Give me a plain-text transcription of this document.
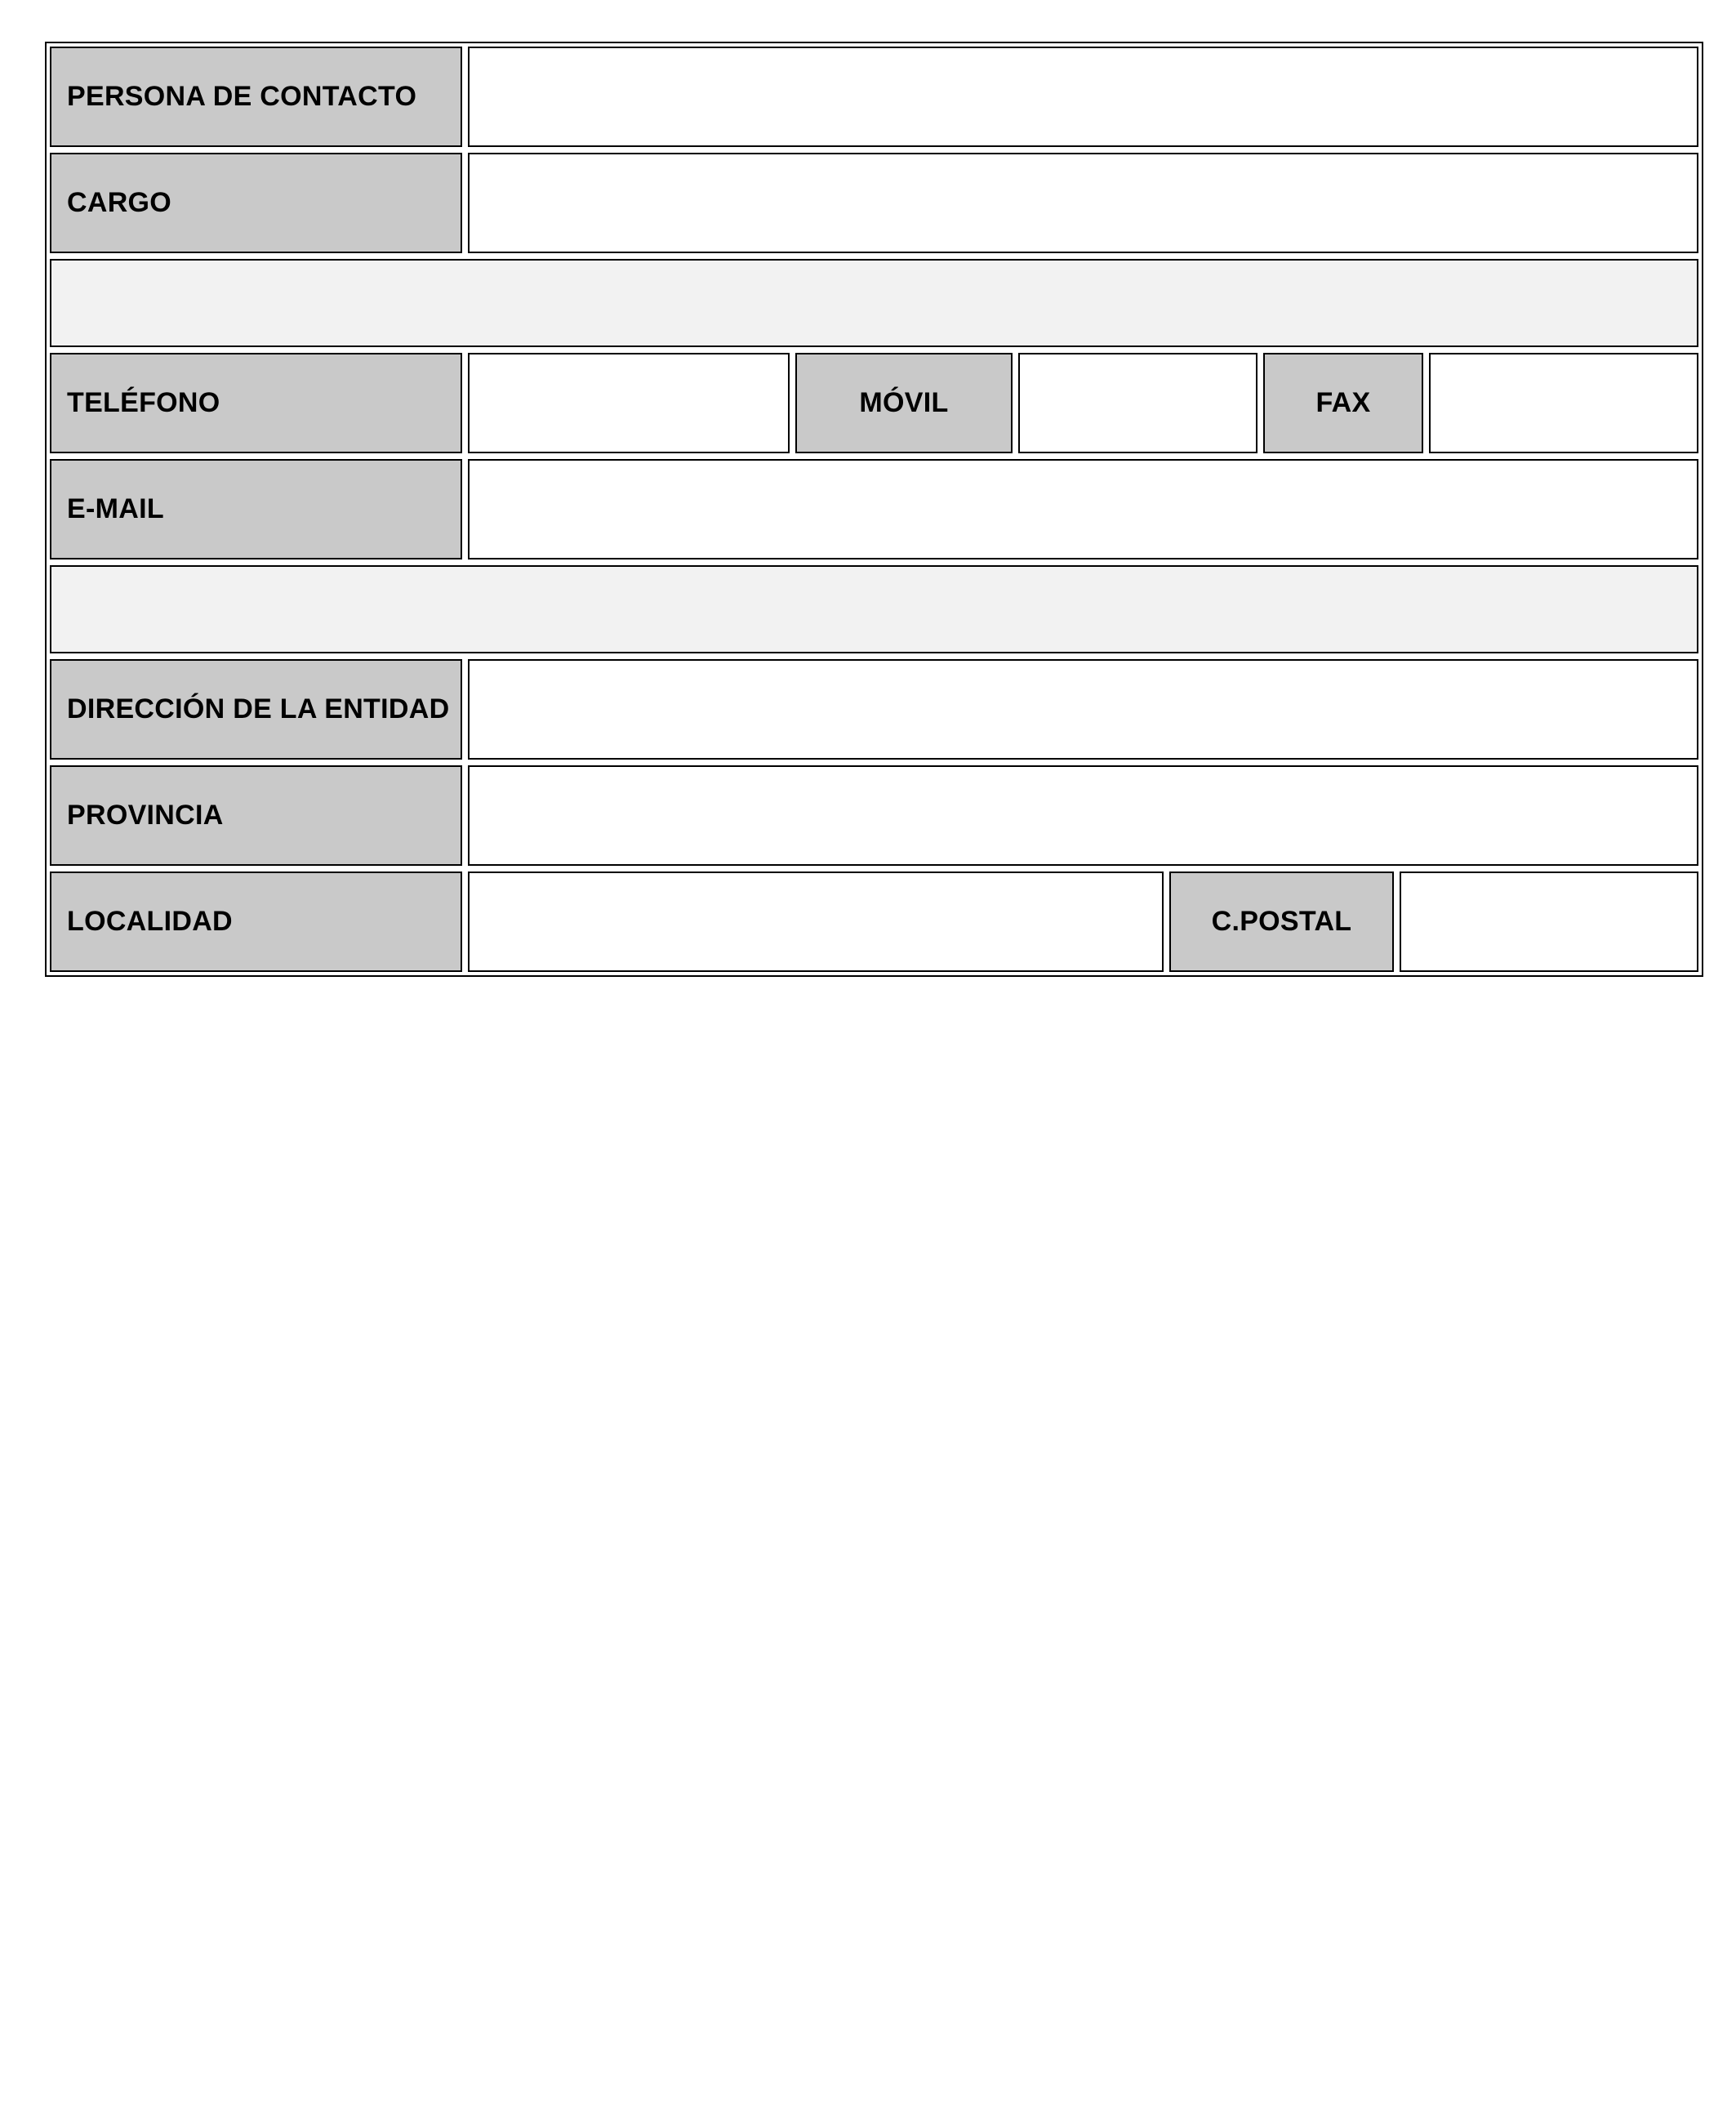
PERSONA DE CONTACTO
CARGO
TELÉFONO	MÓVIL	FAX
E-MAIL
DIRECCIÓN DE LA ENTIDAD
PROVINCIA
LOCALIDAD	C.POSTAL
